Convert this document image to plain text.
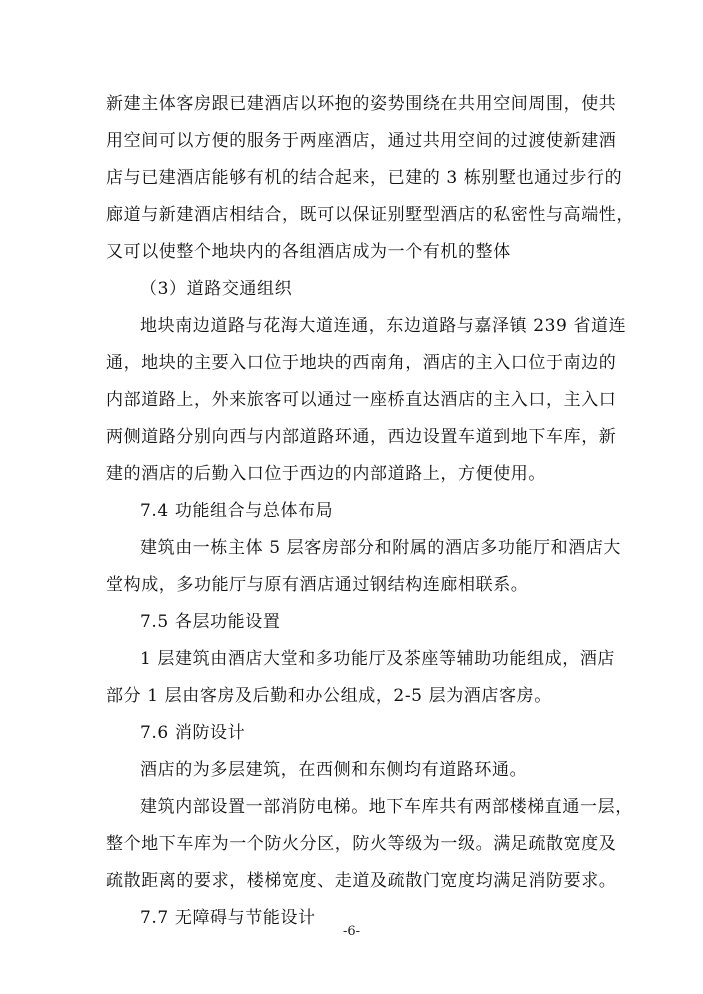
新建主体客房跟已建酒店以环抱的姿势围绕在共用空间周围，使共
用空间可以方便的服务于两座酒店，通过共用空间的过渡使新建酒
店与已建酒店能够有机的结合起来，已建的 3 栋别墅也通过步行的
廊道与新建酒店相结合，既可以保证别墅型酒店的私密性与高端性，
又可以使整个地块内的各组酒店成为一个有机的整体
（3）道路交通组织
地块南边道路与花海大道连通，东边道路与嘉泽镇 239 省道连
通，地块的主要入口位于地块的西南角，酒店的主入口位于南边的
内部道路上，外来旅客可以通过一座桥直达酒店的主入口，主入口
两侧道路分别向西与内部道路环通，西边设置车道到地下车库，新
建的酒店的后勤入口位于西边的内部道路上，方便使用。
7.4 功能组合与总体布局
建筑由一栋主体 5 层客房部分和附属的酒店多功能厅和酒店大
堂构成，多功能厅与原有酒店通过钢结构连廊相联系。
7.5 各层功能设置
1 层建筑由酒店大堂和多功能厅及茶座等辅助功能组成，酒店
部分 1 层由客房及后勤和办公组成，2-5 层为酒店客房。
7.6 消防设计
酒店的为多层建筑，在西侧和东侧均有道路环通。
建筑内部设置一部消防电梯。地下车库共有两部楼梯直通一层，
整个地下车库为一个防火分区，防火等级为一级。满足疏散宽度及
疏散距离的要求，楼梯宽度、走道及疏散门宽度均满足消防要求。
7.7 无障碍与节能设计
-6-
